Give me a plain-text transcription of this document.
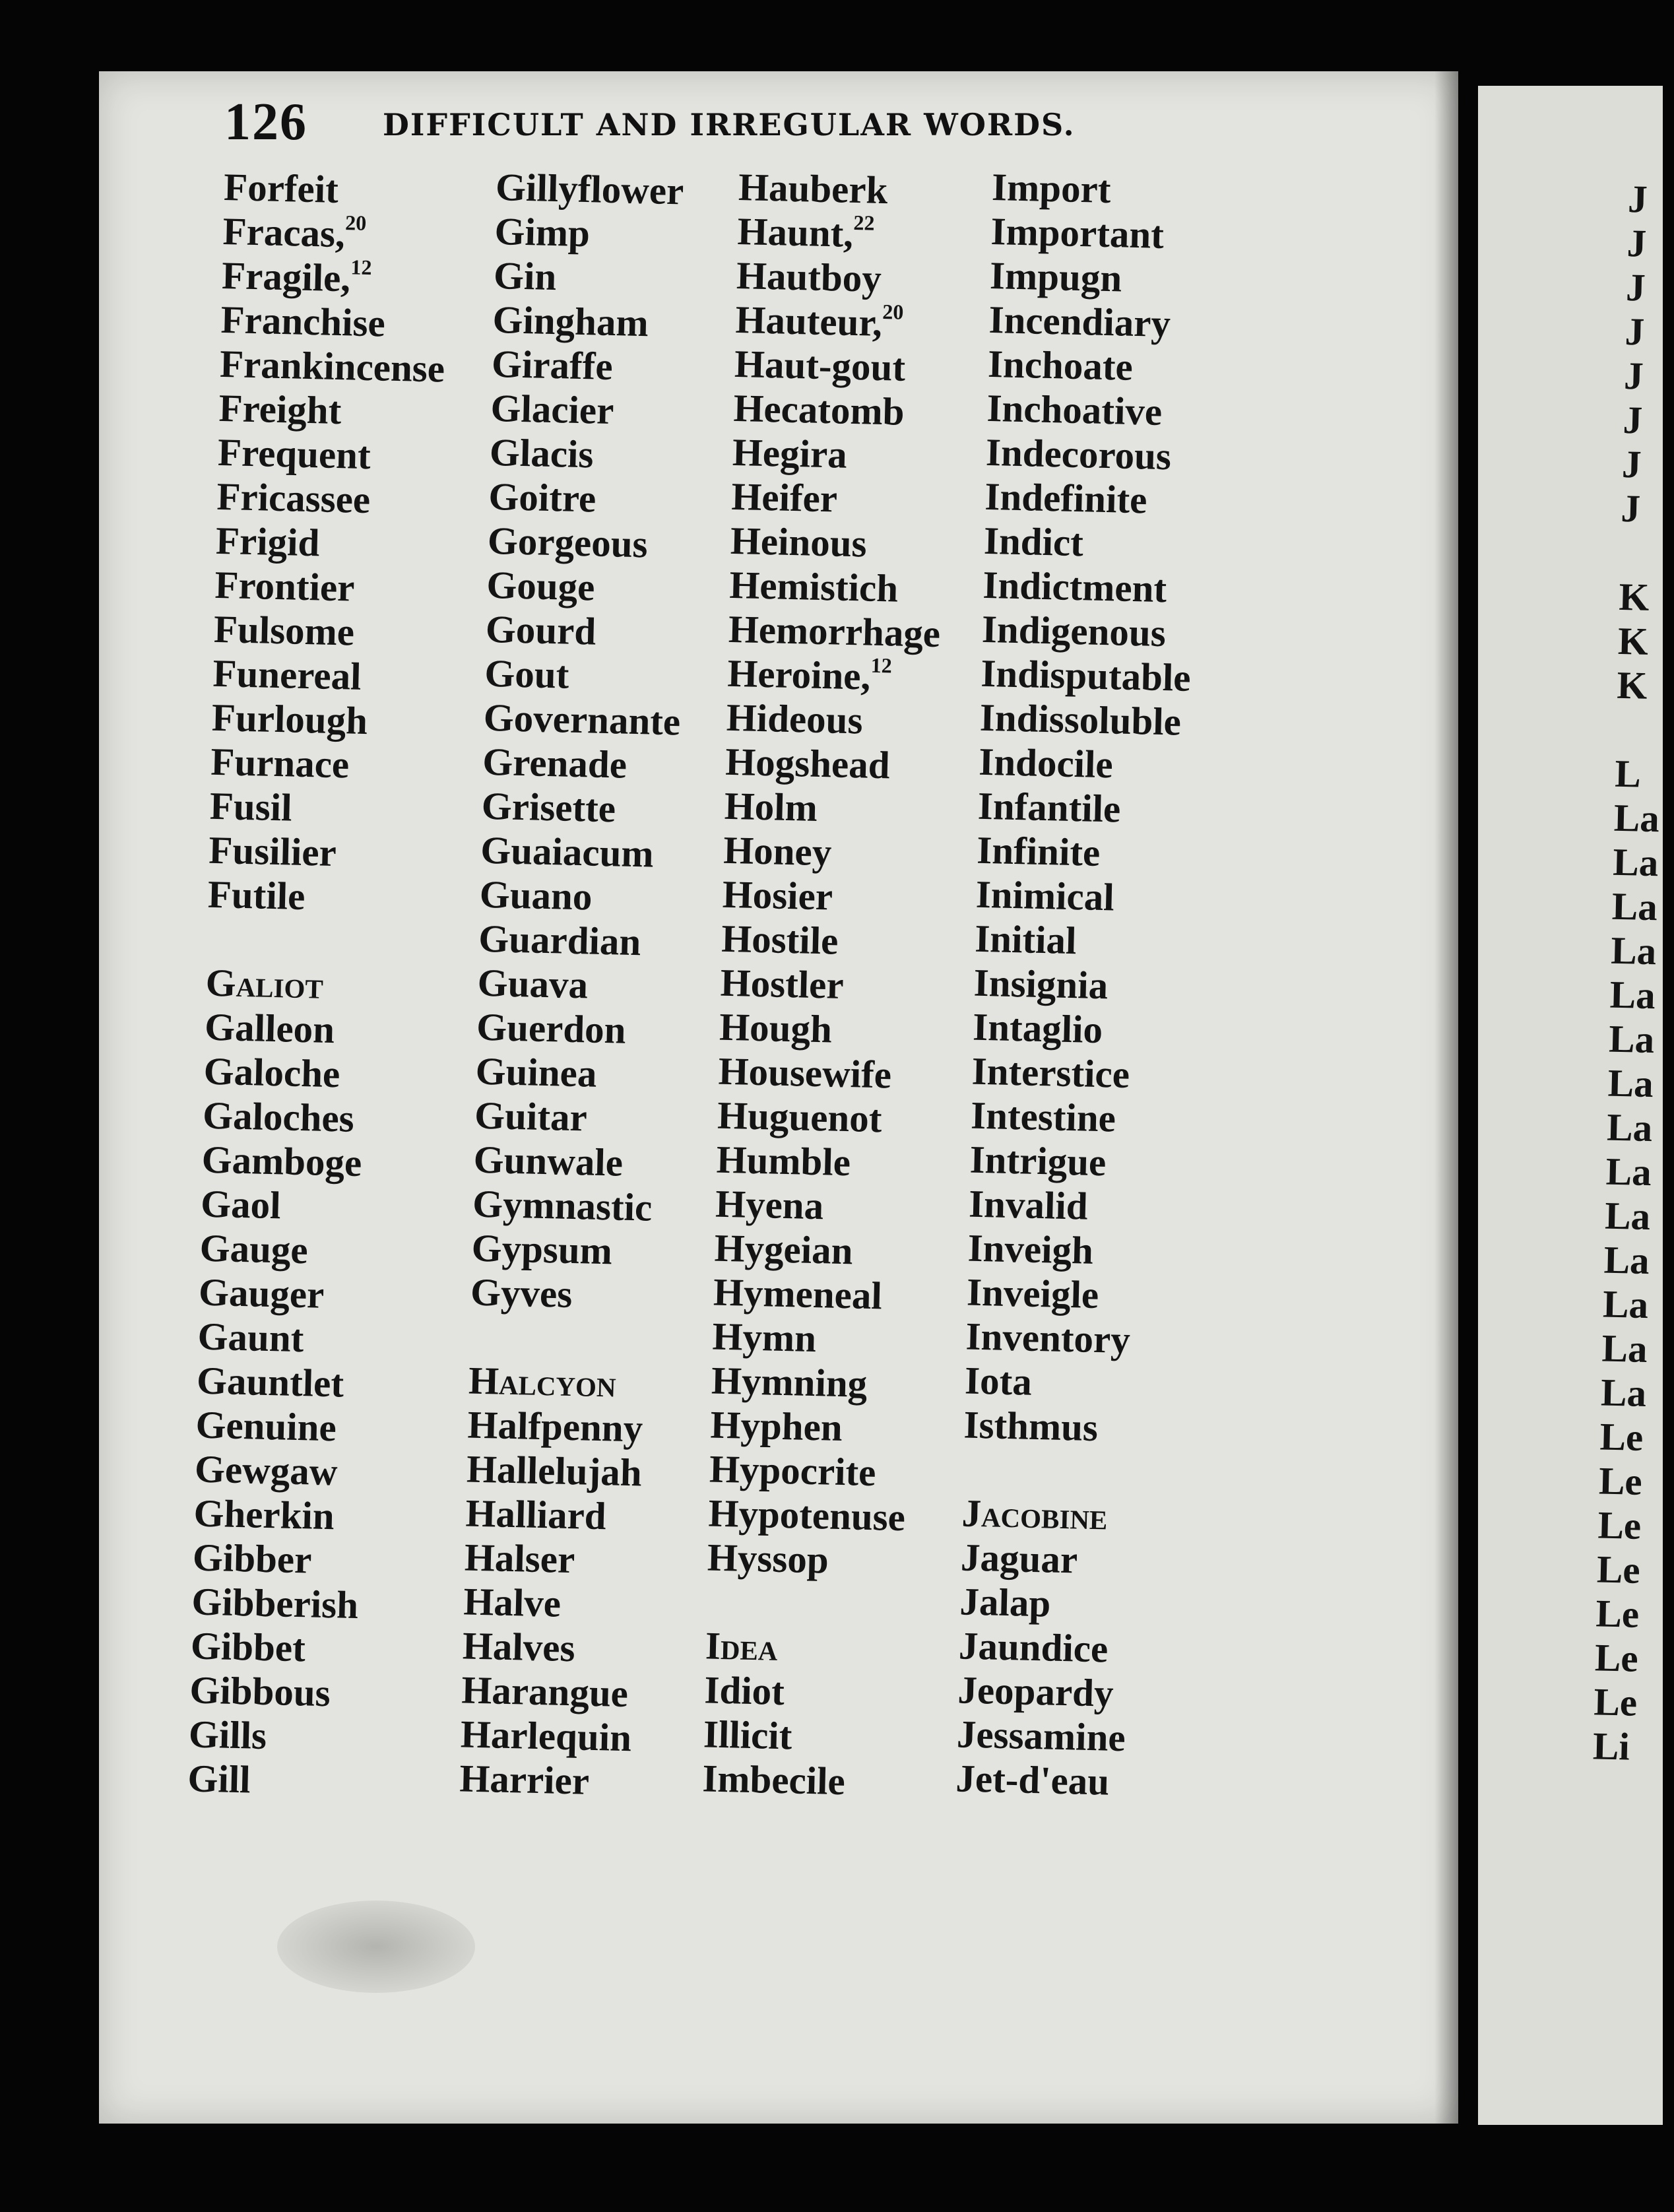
126 DIFFICULT AND IRREGULAR WORDS.
Forfeit
Fracas,$^{20}$
Fragile,$^{12}$
Franchise
Frankincense
Freight
Frequent
Fricassee
Frigid
Frontier
Fulsome
Funereal
Furlough
Furnace
Fusil
Fusilier
Futile
Galiot
Galleon
Galoche
Galoches
Gamboge
Gaol
Gauge
Gauger
Gaunt
Gauntlet
Genuine
Gewgaw
Gherkin
Gibber
Gibberish
Gibbet
Gibbous
Gills
Gill
Gillyflower
Gimp
Gin
Gingham
Giraffe
Glacier
Glacis
Goitre
Gorgeous
Gouge
Gourd
Gout
Governante
Grenade
Grisette
Guaiacum
Guano
Guardian
Guava
Guerdon
Guinea
Guitar
Gunwale
Gymnastic
Gypsum
Gyves
Halcyon
Halfpenny
Hallelujah
Halliard
Halser
Halve
Halves
Harangue
Harlequin
Harrier
Hauberk
Haunt,$^{22}$
Hautboy
Hauteur,$^{20}$
Haut-gout
Hecatomb
Hegira
Heifer
Heinous
Hemistich
Hemorrhage
Heroine,$^{12}$
Hideous
Hogshead
Holm
Honey
Hosier
Hostile
Hostler
Hough
Housewife
Huguenot
Humble
Hyena
Hygeian
Hymeneal
Hymn
Hymning
Hyphen
Hypocrite
Hypotenuse
Hyssop
Idea
Idiot
Illicit
Imbecile
Import
Important
Impugn
Incendiary
Inchoate
Inchoative
Indecorous
Indefinite
Indict
Indictment
Indigenous
Indisputable
Indissoluble
Indocile
Infantile
Infinite
Inimical
Initial
Insignia
Intaglio
Interstice
Intestine
Intrigue
Invalid
Inveigh
Inveigle
Inventory
Iota
Isthmus
Jacobine
Jaguar
Jalap
Jaundice
Jeopardy
Jessamine
Jet-d'eau
J
J
J
J
J
J
J
J
K
K
K
L
La
La
La
La
La
La
La
La
La
La
La
La
La
La
Le
Le
Le
Le
Le
Le
Le
Li
